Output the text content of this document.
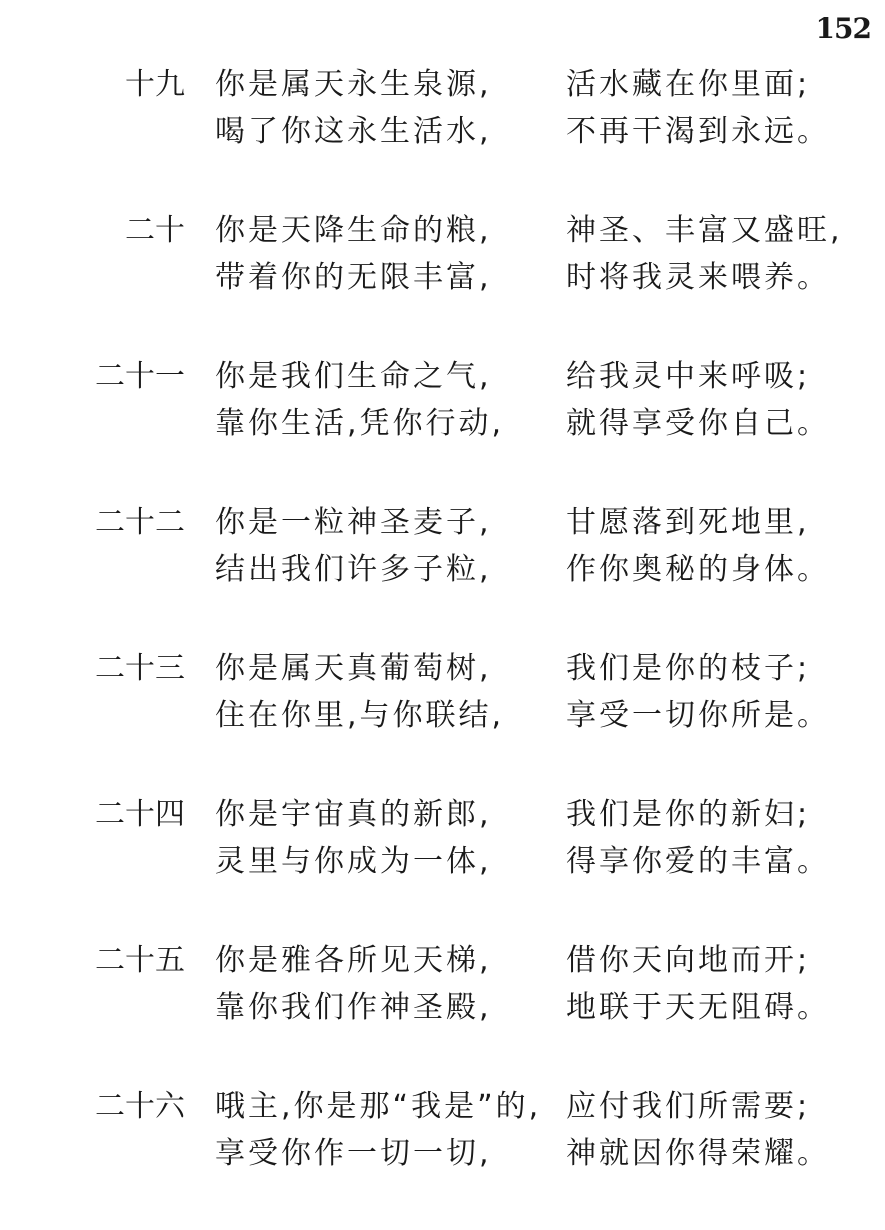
152
十九 你是属天永生泉源, 活水藏在你里面;
喝了你这永生活水, 不再干渴到永远。
二十 你是天降生命的粮, 神圣、丰富又盛旺,
带着你的无限丰富, 时将我灵来喂养。
二十一 你是我们生命之气, 给我灵中来呼吸;
靠你生活,凭你行动, 就得享受你自己。
二十二 你是一粒神圣麦子, 甘愿落到死地里,
结出我们许多子粒, 作你奥秘的身体。
二十三 你是属天真葡萄树, 我们是你的枝子;
住在你里,与你联结, 享受一切你所是。
二十四 你是宇宙真的新郎, 我们是你的新妇;
灵里与你成为一体, 得享你爱的丰富。
二十五 你是雅各所见天梯, 借你天向地而开;
靠你我们作神圣殿, 地联于天无阻碍。
二十六 哦主,你是那“我是”的, 应付我们所需要;
享受你作一切一切, 神就因你得荣耀。
